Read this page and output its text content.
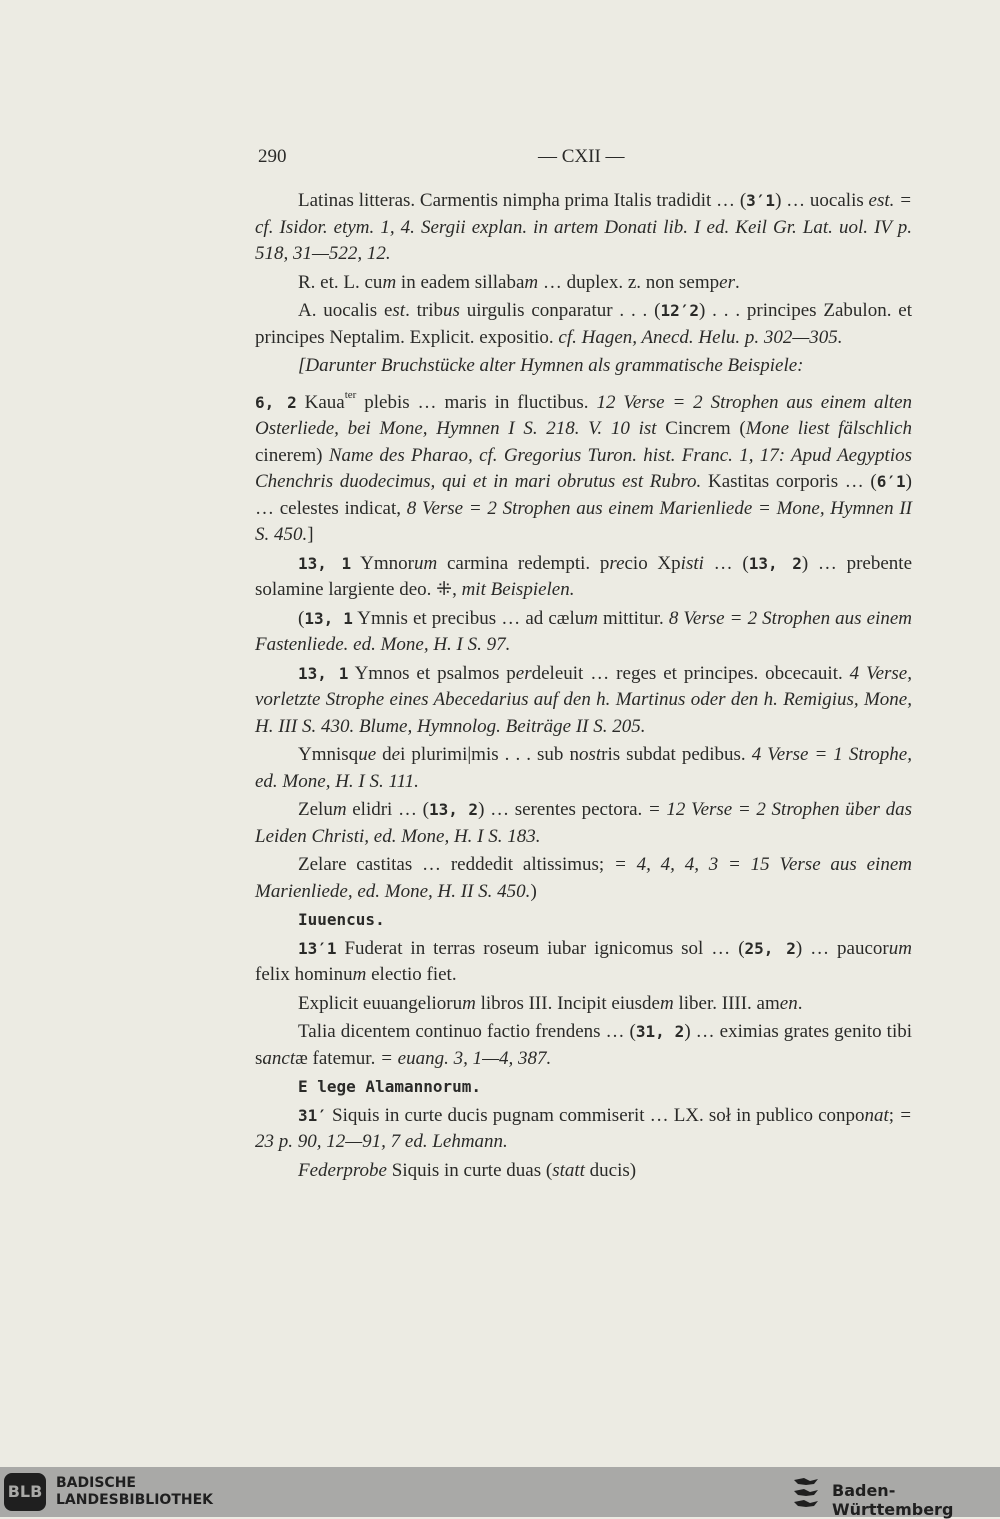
290	— CXII —

Latinas litteras. Carmentis nimpha prima Italis tradidit … (3′1) … uocalis est. = cf. Isidor. etym. 1, 4. Sergii explan. in artem Donati lib. I ed. Keil Gr. Lat. uol. IV p. 518, 31—522, 12.

R. et. L. cum in eadem sillabam … duplex. z. non semper.

A. uocalis est. tribus uirgulis conparatur . . . (12′2) . . . principes Zabulon. et principes Neptalim. Explicit. expositio. cf. Hagen, Anecd. Helu. p. 302—305.

[Darunter Bruchstücke alter Hymnen als grammatische Beispiele:

6, 2 Kaua$^{ter}$ plebis … maris in fluctibus. 12 Verse = 2 Strophen aus einem alten Osterliede, bei Mone, Hymnen I S. 218. V. 10 ist Cincrem (Mone liest fälschlich cinerem) Name des Pharao, cf. Gregorius Turon. hist. Franc. 1, 17: Apud Aegyptios Chenchris duodecimus, qui et in mari obrutus est Rubro. Kastitas corporis … (6′1) … celestes indicat, 8 Verse = 2 Strophen aus einem Marienliede = Mone, Hymnen II S. 450.]

13, 1 Ymnorum carmina redempti. precio Xpisti … (13, 2) … prebente solamine largiente deo. ⁜, mit Beispielen.

(13, 1 Ymnis et precibus … ad cælum mittitur. 8 Verse = 2 Strophen aus einem Fastenliede. ed. Mone, H. I S. 97.

13, 1 Ymnos et psalmos perdeleuit … reges et principes. obcecauit. 4 Verse, vorletzte Strophe eines Abecedarius auf den h. Martinus oder den h. Remigius, Mone, H. III S. 430. Blume, Hymnolog. Beiträge II S. 205.

Ymnisque dei plurimi|mis . . . sub nostris subdat pedibus. 4 Verse = 1 Strophe, ed. Mone, H. I S. 111.

Zelum elidri … (13, 2) … serentes pectora. = 12 Verse = 2 Strophen über das Leiden Christi, ed. Mone, H. I S. 183.

Zelare castitas … reddedit altissimus; = 4, 4, 4, 3 = 15 Verse aus einem Marienliede, ed. Mone, H. II S. 450.)

Iuuencus.

13′1 Fuderat in terras roseum iubar ignicomus sol … (25, 2) … paucorum felix hominum electio fiet.

Explicit euuangeliorum libros III. Incipit eiusdem liber. IIII. amen.

Talia dicentem continuo factio frendens … (31, 2) … eximias grates genito tibi sanctæ fatemur. = euang. 3, 1—4, 387.

E lege Alamannorum.

31′ Siquis in curte ducis pugnam commiserit … LX. soł in publico conponat; = 23 p. 90, 12—91, 7 ed. Lehmann.

Federprobe Siquis in curte duas (statt ducis)

BLB BADISCHE
LANDESBIBLIOTHEK	Baden-Württemberg
